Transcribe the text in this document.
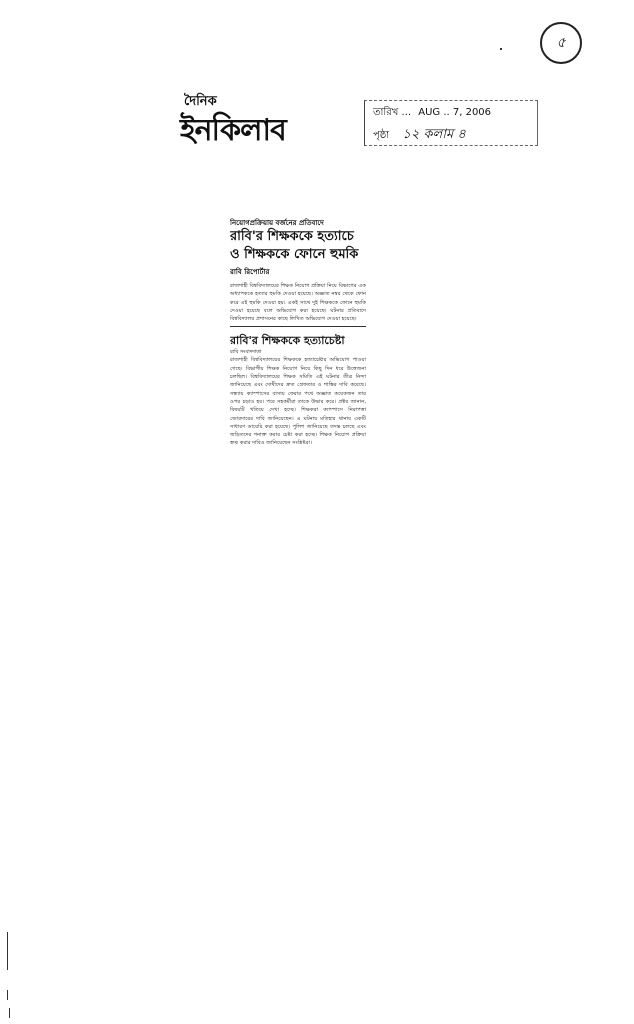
৫
দৈনিক
ইনকিলাব
তারিখ ... AUG .. 7, 2006
পৃষ্ঠা ১২ কলাম ৪
নিয়োগপ্রক্রিয়ায় বর্জনের প্রতিবাদে
রাবি'র শিক্ষককে হত্যাচে ও শিক্ষককে ফোনে হুমকি
রাবি রিপোর্টার
রাজশাহী বিশ্ববিদ্যালয়ের শিক্ষক নিয়োগ প্রক্রিয়া নিয়ে বিভাগের এক অধ্যাপককে হত্যার হুমকি দেওয়া হয়েছে। অজ্ঞাত নম্বর থেকে ফোন করে এই হুমকি দেওয়া হয়। একই সাথে দুই শিক্ষককে ফোনে হুমকি দেওয়া হয়েছে বলে অভিযোগ করা হয়েছে। ঘটনার প্রতিবাদে বিশ্ববিদ্যালয় প্রশাসনের কাছে লিখিত অভিযোগ দেওয়া হয়েছে।
রাবি'র শিক্ষককে হত্যাচেষ্টা
রাবি সংবাদদাতা
রাজশাহী বিশ্ববিদ্যালয়ের শিক্ষককে হত্যাচেষ্টার অভিযোগ পাওয়া গেছে। বিভাগীয় শিক্ষক নিয়োগ নিয়ে কিছু দিন ধরে উত্তেজনা চলছিল। বিশ্ববিদ্যালয়ের শিক্ষক সমিতি এই ঘটনার তীব্র নিন্দা জানিয়েছে এবং দোষীদের দ্রুত গ্রেফতার ও শাস্তির দাবি করেছে। সন্ধ্যায় ক্যাম্পাসের বাসায় ফেরার পথে অজ্ঞাত কয়েকজন তার ওপর চড়াও হয়। পরে সহকর্মীরা তাকে উদ্ধার করে। প্রক্টর জানান, বিষয়টি খতিয়ে দেখা হচ্ছে। শিক্ষকরা ক্যাম্পাসে নিরাপত্তা জোরদারের দাবি জানিয়েছেন। এ ঘটনায় মতিহার থানায় একটি সাধারণ ডায়েরি করা হয়েছে। পুলিশ জানিয়েছে তদন্ত চলছে এবং জড়িতদের শনাক্ত করার চেষ্টা করা হচ্ছে। শিক্ষক নিয়োগ প্রক্রিয়া স্বচ্ছ করার দাবিও জানিয়েছেন সংশ্লিষ্টরা।
